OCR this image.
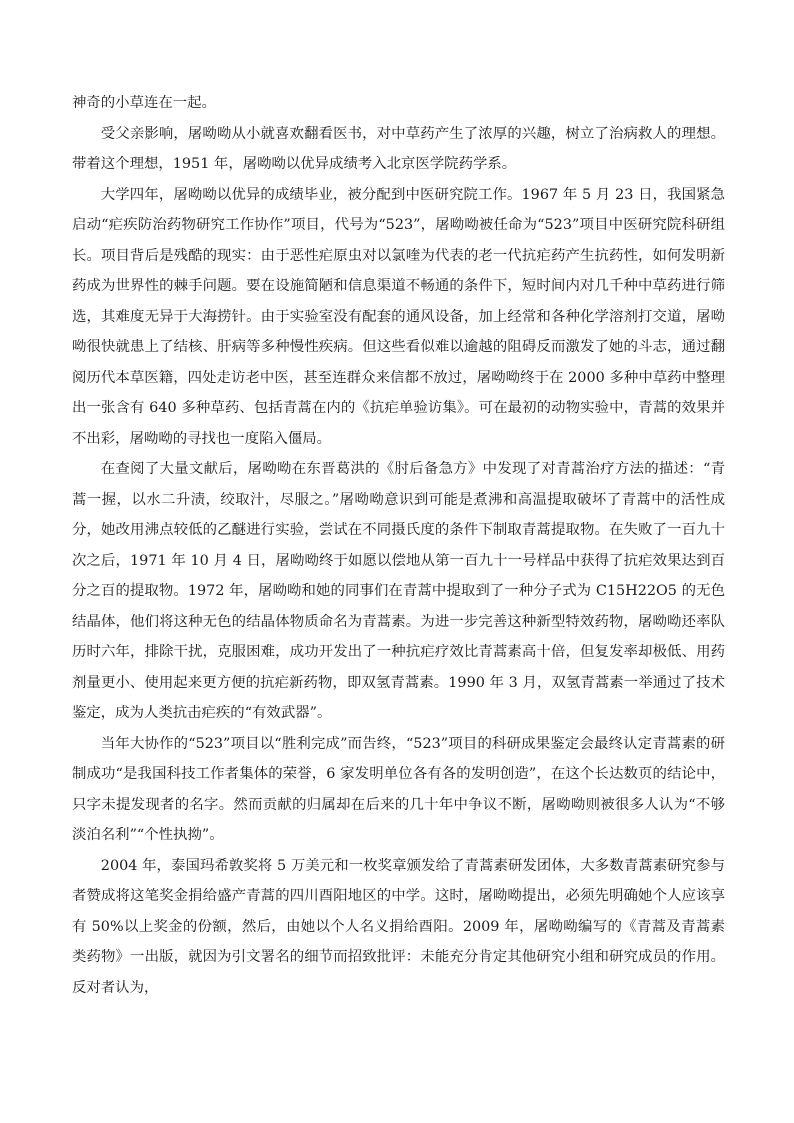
神奇的小草连在一起。

受父亲影响，屠呦呦从小就喜欢翻看医书，对中草药产生了浓厚的兴趣，树立了治病救人的理想。带着这个理想，1951 年，屠呦呦以优异成绩考入北京医学院药学系。

大学四年，屠呦呦以优异的成绩毕业，被分配到中医研究院工作。1967 年 5 月 23 日，我国紧急启动“疟疾防治药物研究工作协作”项目，代号为“523”，屠呦呦被任命为“523”项目中医研究院科研组长。项目背后是残酷的现实：由于恶性疟原虫对以氯喹为代表的老一代抗疟药产生抗药性，如何发明新药成为世界性的棘手问题。要在设施简陋和信息渠道不畅通的条件下，短时间内对几千种中草药进行筛选，其难度无异于大海捞针。由于实验室没有配套的通风设备，加上经常和各种化学溶剂打交道，屠呦呦很快就患上了结核、肝病等多种慢性疾病。但这些看似难以逾越的阻碍反而激发了她的斗志，通过翻阅历代本草医籍，四处走访老中医，甚至连群众来信都不放过，屠呦呦终于在 2000 多种中草药中整理出一张含有 640 多种草药、包括青蒿在内的《抗疟单验访集》。可在最初的动物实验中，青蒿的效果并不出彩，屠呦呦的寻找也一度陷入僵局。

在查阅了大量文献后，屠呦呦在东晋葛洪的《肘后备急方》中发现了对青蒿治疗方法的描述：“青蒿一握，以水二升渍，绞取汁，尽服之。”屠呦呦意识到可能是煮沸和高温提取破坏了青蒿中的活性成分，她改用沸点较低的乙醚进行实验，尝试在不同摄氏度的条件下制取青蒿提取物。在失败了一百九十次之后，1971 年 10 月 4 日，屠呦呦终于如愿以偿地从第一百九十一号样品中获得了抗疟效果达到百分之百的提取物。1972 年，屠呦呦和她的同事们在青蒿中提取到了一种分子式为 C15H22O5 的无色结晶体，他们将这种无色的结晶体物质命名为青蒿素。为进一步完善这种新型特效药物，屠呦呦还率队历时六年，排除干扰，克服困难，成功开发出了一种抗疟疗效比青蒿素高十倍，但复发率却极低、用药剂量更小、使用起来更方便的抗疟新药物，即双氢青蒿素。1990 年 3 月，双氢青蒿素一举通过了技术鉴定，成为人类抗击疟疾的“有效武器”。

当年大协作的“523”项目以“胜利完成”而告终，“523”项目的科研成果鉴定会最终认定青蒿素的研制成功“是我国科技工作者集体的荣誉，6 家发明单位各有各的发明创造”，在这个长达数页的结论中，只字未提发现者的名字。然而贡献的归属却在后来的几十年中争议不断，屠呦呦则被很多人认为“不够淡泊名利”“个性执拗”。

2004 年，泰国玛希敦奖将 5 万美元和一枚奖章颁发给了青蒿素研发团体，大多数青蒿素研究参与者赞成将这笔奖金捐给盛产青蒿的四川酉阳地区的中学。这时，屠呦呦提出，必须先明确她个人应该享有 50%以上奖金的份额，然后，由她以个人名义捐给酉阳。2009 年，屠呦呦编写的《青蒿及青蒿素类药物》一出版，就因为引文署名的细节而招致批评：未能充分肯定其他研究小组和研究成员的作用。反对者认为，
